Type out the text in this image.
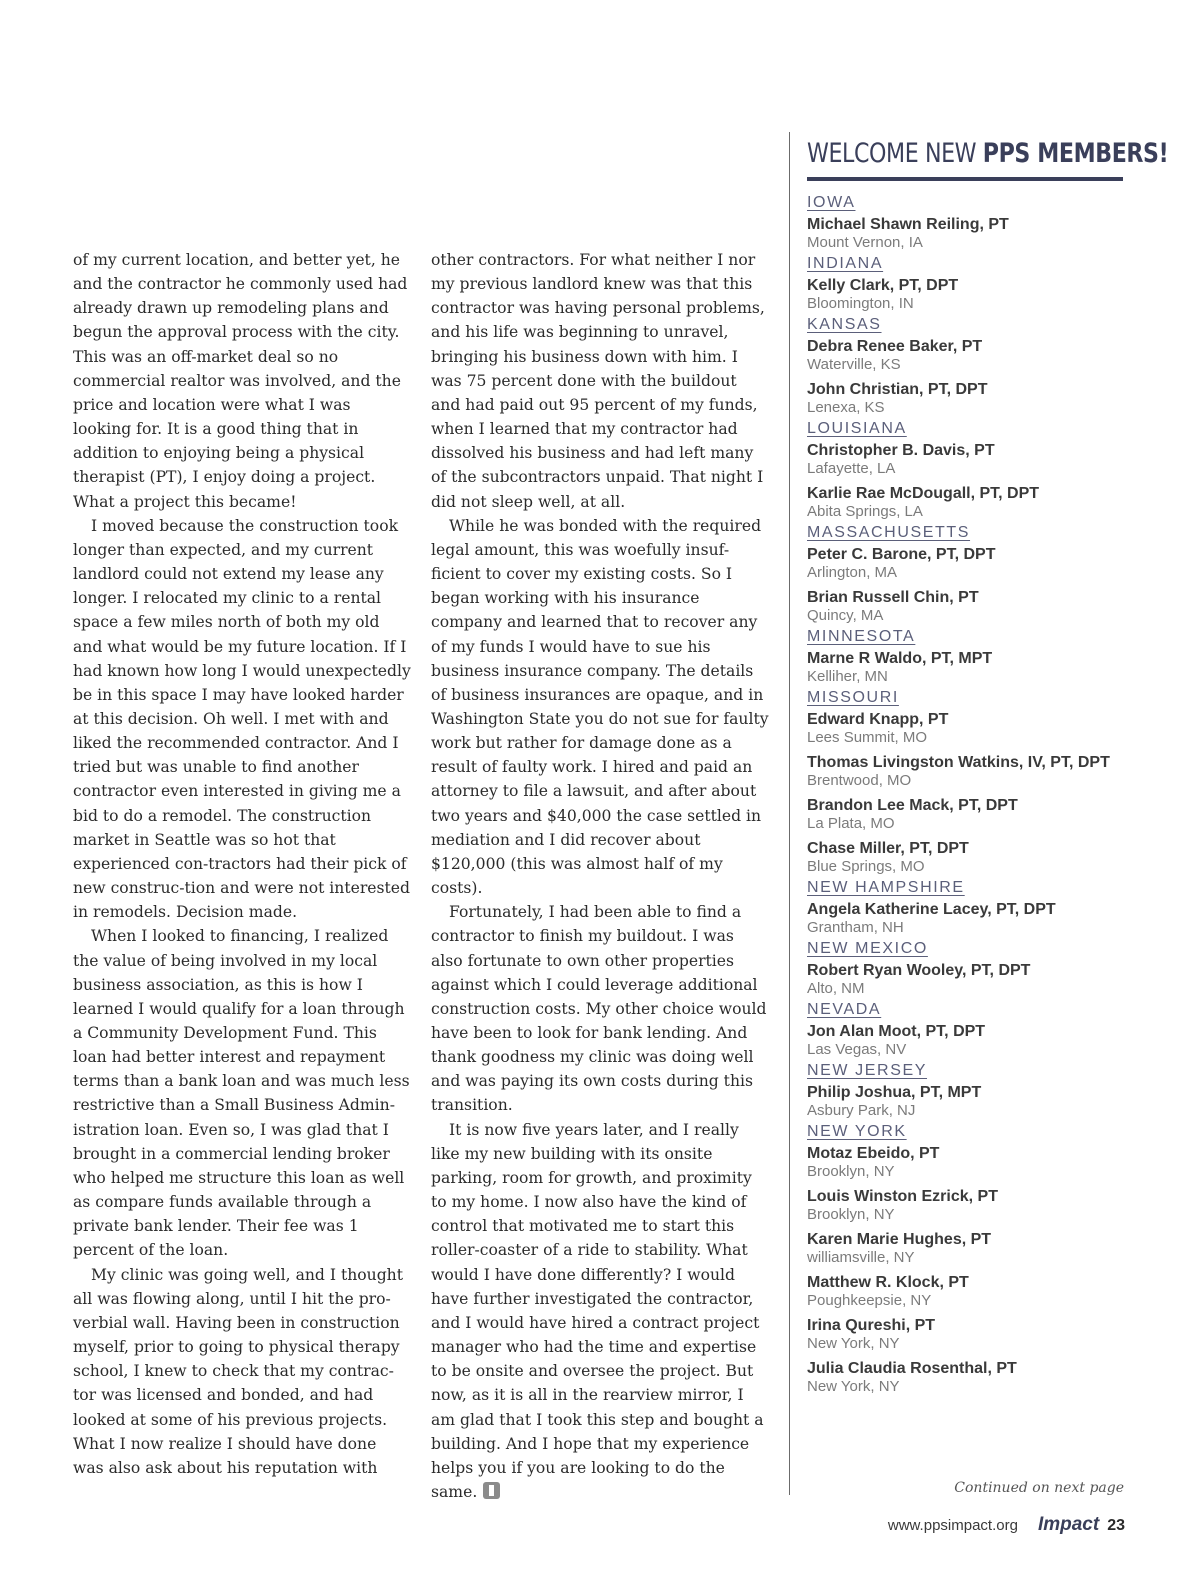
of my current location, and better yet, he and the contractor he commonly used had already drawn up remodeling plans and begun the approval process with the city. This was an off-market deal so no commercial realtor was involved, and the price and location were what I was looking for. It is a good thing that in addition to enjoying being a physical therapist (PT), I enjoy doing a project. What a project this became!

I moved because the construction took longer than expected, and my current landlord could not extend my lease any longer. I relocated my clinic to a rental space a few miles north of both my old and what would be my future location. If I had known how long I would unexpectedly be in this space I may have looked harder at this decision. Oh well. I met with and liked the recommended contractor. And I tried but was unable to find another contractor even interested in giving me a bid to do a remodel. The construction market in Seattle was so hot that experienced con-tractors had their pick of new construc-tion and were not interested in remodels. Decision made.

When I looked to financing, I realized the value of being involved in my local business association, as this is how I learned I would qualify for a loan through a Community Development Fund. This loan had better interest and repayment terms than a bank loan and was much less restrictive than a Small Business Admin-istration loan. Even so, I was glad that I brought in a commercial lending broker who helped me structure this loan as well as compare funds available through a private bank lender. Their fee was 1 percent of the loan.

My clinic was going well, and I thought all was flowing along, until I hit the pro-verbial wall. Having been in construction myself, prior to going to physical therapy school, I knew to check that my contrac-tor was licensed and bonded, and had looked at some of his previous projects. What I now realize I should have done was also ask about his reputation with

other contractors. For what neither I nor my previous landlord knew was that this contractor was having personal problems, and his life was beginning to unravel, bringing his business down with him. I was 75 percent done with the buildout and had paid out 95 percent of my funds, when I learned that my contractor had dissolved his business and had left many of the subcontractors unpaid. That night I did not sleep well, at all.

While he was bonded with the required legal amount, this was woefully insuf-ficient to cover my existing costs. So I began working with his insurance company and learned that to recover any of my funds I would have to sue his business insurance company. The details of business insurances are opaque, and in Washington State you do not sue for faulty work but rather for damage done as a result of faulty work. I hired and paid an attorney to file a lawsuit, and after about two years and $40,000 the case settled in mediation and I did recover about $120,000 (this was almost half of my costs).

Fortunately, I had been able to find a contractor to finish my buildout. I was also fortunate to own other properties against which I could leverage additional construction costs. My other choice would have been to look for bank lending. And thank goodness my clinic was doing well and was paying its own costs during this transition.

It is now five years later, and I really like my new building with its onsite parking, room for growth, and proximity to my home. I now also have the kind of control that motivated me to start this roller-coaster of a ride to stability. What would I have done differently? I would have further investigated the contractor, and I would have hired a contract project manager who had the time and expertise to be onsite and oversee the project. But now, as it is all in the rearview mirror, I am glad that I took this step and bought a building. And I hope that my experience helps you if you are looking to do the same.

WELCOME NEW PPS MEMBERS!
IOWA
Michael Shawn Reiling, PT
Mount Vernon, IA
INDIANA
Kelly Clark, PT, DPT
Bloomington, IN
KANSAS
Debra Renee Baker, PT
Waterville, KS
John Christian, PT, DPT
Lenexa, KS
LOUISIANA
Christopher B. Davis, PT
Lafayette, LA
Karlie Rae McDougall, PT, DPT
Abita Springs, LA
MASSACHUSETTS
Peter C. Barone, PT, DPT
Arlington, MA
Brian Russell Chin, PT
Quincy, MA
MINNESOTA
Marne R Waldo, PT, MPT
Kelliher, MN
MISSOURI
Edward Knapp, PT
Lees Summit, MO
Thomas Livingston Watkins, IV, PT, DPT
Brentwood, MO
Brandon Lee Mack, PT, DPT
La Plata, MO
Chase Miller, PT, DPT
Blue Springs, MO
NEW HAMPSHIRE
Angela Katherine Lacey, PT, DPT
Grantham, NH
NEW MEXICO
Robert Ryan Wooley, PT, DPT
Alto, NM
NEVADA
Jon Alan Moot, PT, DPT
Las Vegas, NV
NEW JERSEY
Philip Joshua, PT, MPT
Asbury Park, NJ
NEW YORK
Motaz Ebeido, PT
Brooklyn, NY
Louis Winston Ezrick, PT
Brooklyn, NY
Karen Marie Hughes, PT
williamsville, NY
Matthew R. Klock, PT
Poughkeepsie, NY
Irina Qureshi, PT
New York, NY
Julia Claudia Rosenthal, PT
New York, NY
Continued on next page
www.ppsimpact.org Impact 23
